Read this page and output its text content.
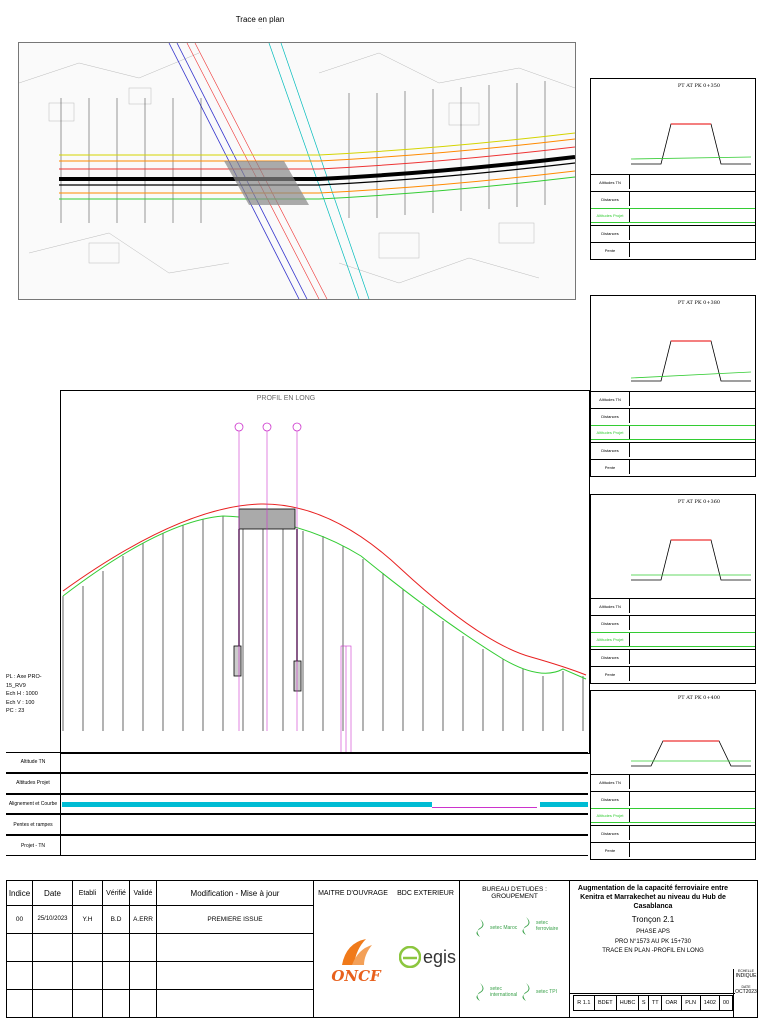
Trace en plan
· · ·
PROFIL EN LONG
PL : Axe PRO-15_RV9
Ech H : 1000
Ech V : 100
PC : 23
Altitude TN
Altitudes Projet
Alignement et Courbe
Pentes et rampes
Projet - TN
PT AT PK 0+350
Altitudes TN
Distances
Altitudes Projet
Distances
Pente
PT AT PK 0+380
Altitudes TN
Distances
Altitudes Projet
Distances
Pente
PT AT PK 0+360
Altitudes TN
Distances
Altitudes Projet
Distances
Pente
PT AT PK 0+400
Altitudes TN
Distances
Altitudes Projet
Distances
Pente
Indice	Date	Etabli	Vérifié	Validé	Modification - Mise à jour
00	25/10/2023	Y.H	B.D	A.ERR	PREMIERE ISSUE
MAITRE D'OUVRAGE	BDC EXTERIEUR	BUREAU D'ETUDES : GROUPEMENT
ONCF
egis
setec Maroc
setec ferroviaire
setec international	setec TPI
Augmentation de la capacité ferroviaire entre Kenitra et Marrakechet au niveau du Hub de Casablanca
Tronçon 2.1
PHASE APS
PRO N°1573 AU PK 15+730
TRACE EN PLAN -PROFIL EN LONG
R 1.1	BDET	HUBC	S	TT	OAR	PLN	1402	00
ECHELLE
INDIQUE
DATE
OCT2023
